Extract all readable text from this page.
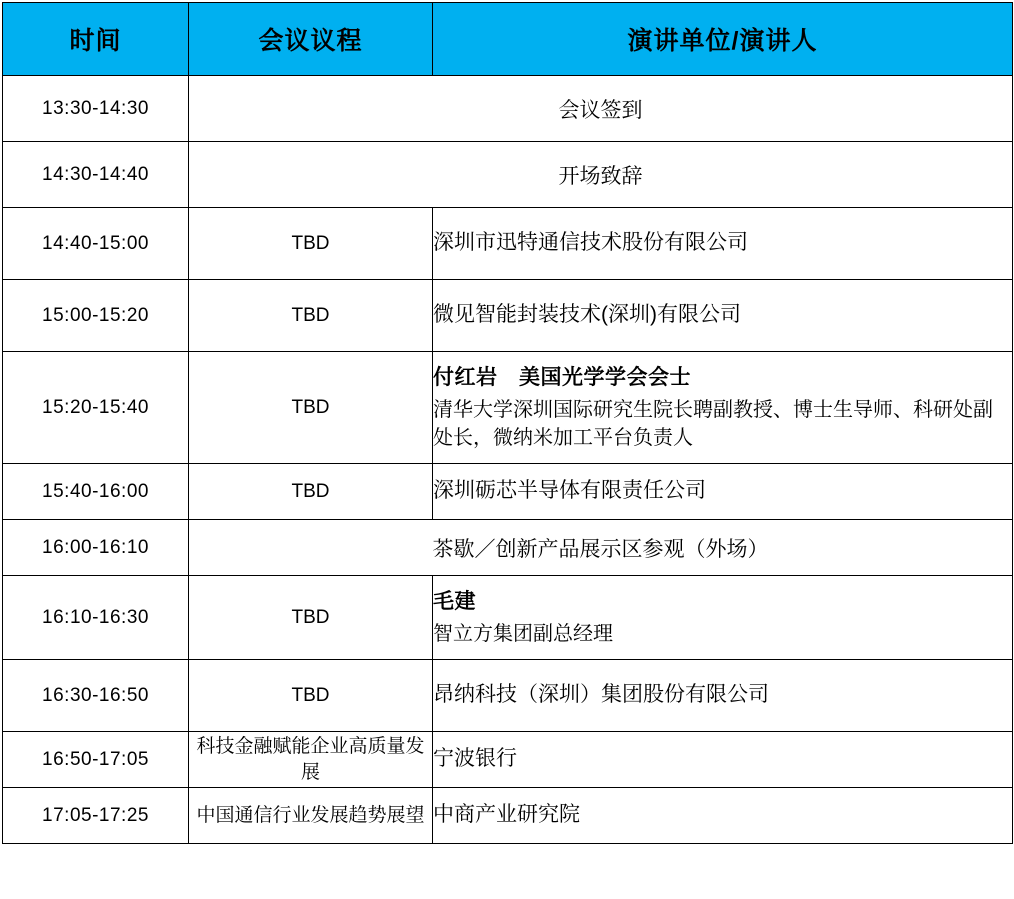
时间	会议议程	演讲单位/演讲人
13:30-14:30	会议签到	
14:30-14:40	开场致辞	
14:40-15:00	TBD	深圳市迅特通信技术股份有限公司
15:00-15:20	TBD	微见智能封装技术(深圳)有限公司
15:20-15:40	TBD	付红岩　美国光学学会会士
清华大学深圳国际研究生院长聘副教授、博士生导师、科研处副处长，微纳米加工平台负责人

15:40-16:00	TBD	深圳砺芯半导体有限责任公司
16:00-16:10	茶歇／创新产品展示区参观（外场）	
16:10-16:30	TBD	毛建
智立方集团副总经理

16:30-16:50	TBD	昂纳科技（深圳）集团股份有限公司
16:50-17:05	科技金融赋能企业高质量发展	宁波银行
17:05-17:25	中国通信行业发展趋势展望	中商产业研究院
